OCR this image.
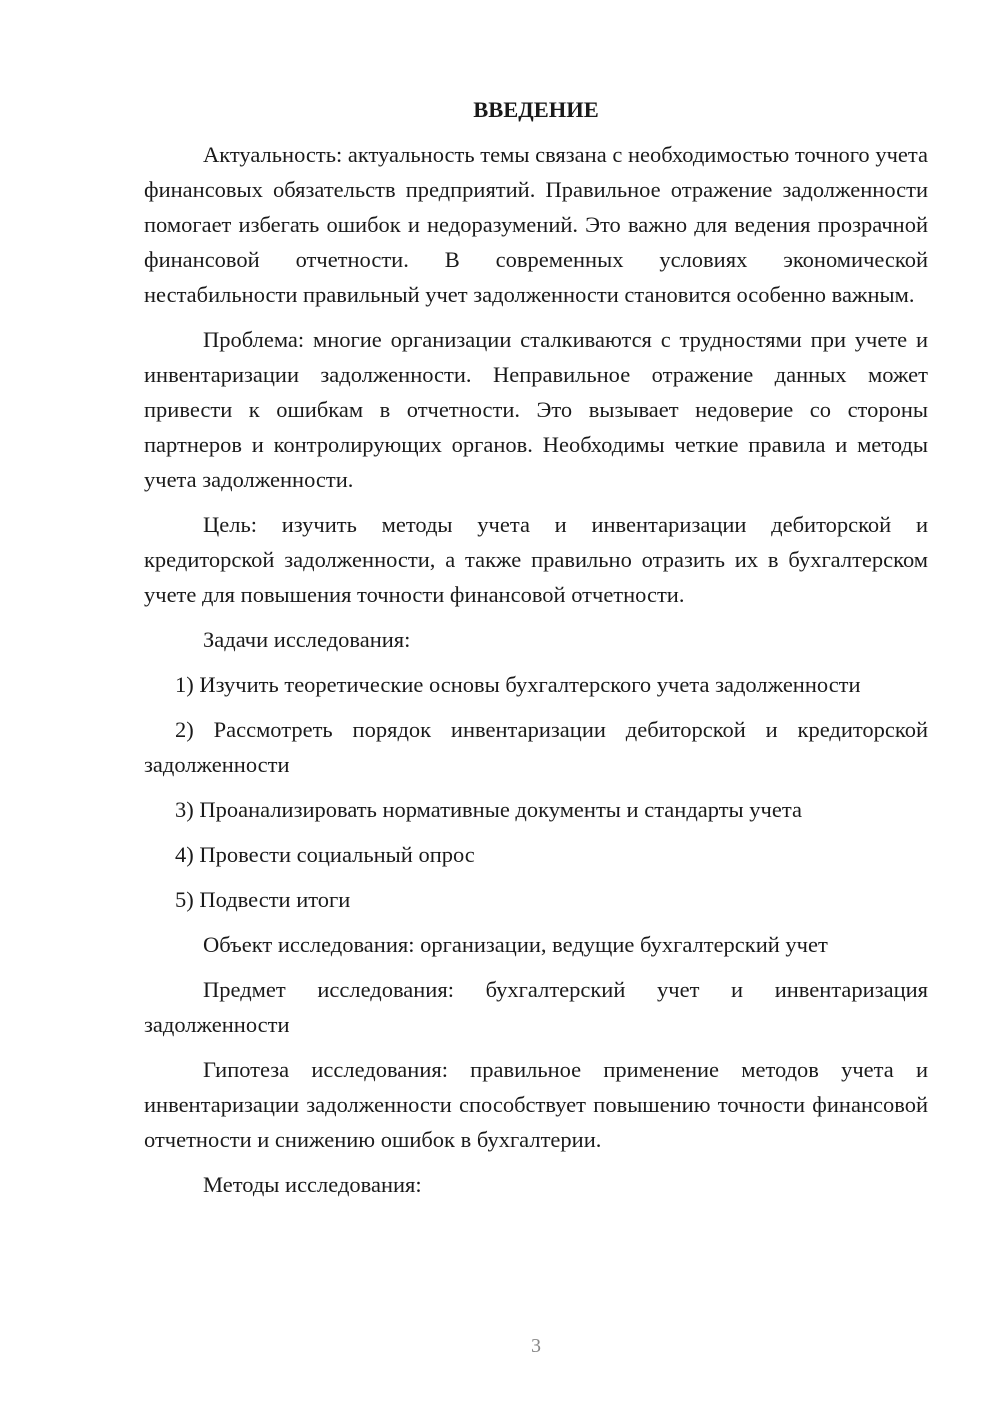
ВВЕДЕНИЕ

Актуальность: актуальность темы связана с необходимостью точного учета финансовых обязательств предприятий. Правильное отражение задолженности помогает избегать ошибок и недоразумений. Это важно для ведения прозрачной финансовой отчетности. В современных условиях экономической нестабильности правильный учет задолженности становится особенно важным.

Проблема: многие организации сталкиваются с трудностями при учете и инвентаризации задолженности. Неправильное отражение данных может привести к ошибкам в отчетности. Это вызывает недоверие со стороны партнеров и контролирующих органов. Необходимы четкие правила и методы учета задолженности.

Цель: изучить методы учета и инвентаризации дебиторской и кредиторской задолженности, а также правильно отразить их в бухгалтерском учете для повышения точности финансовой отчетности.

Задачи исследования:

1) Изучить теоретические основы бухгалтерского учета задолженности

2) Рассмотреть порядок инвентаризации дебиторской и кредиторской задолженности

3) Проанализировать нормативные документы и стандарты учета

4) Провести социальный опрос

5) Подвести итоги

Объект исследования: организации, ведущие бухгалтерский учет

Предмет исследования: бухгалтерский учет и инвентаризация задолженности

Гипотеза исследования: правильное применение методов учета и инвентаризации задолженности способствует повышению точности финансовой отчетности и снижению ошибок в бухгалтерии.

Методы исследования:

3
